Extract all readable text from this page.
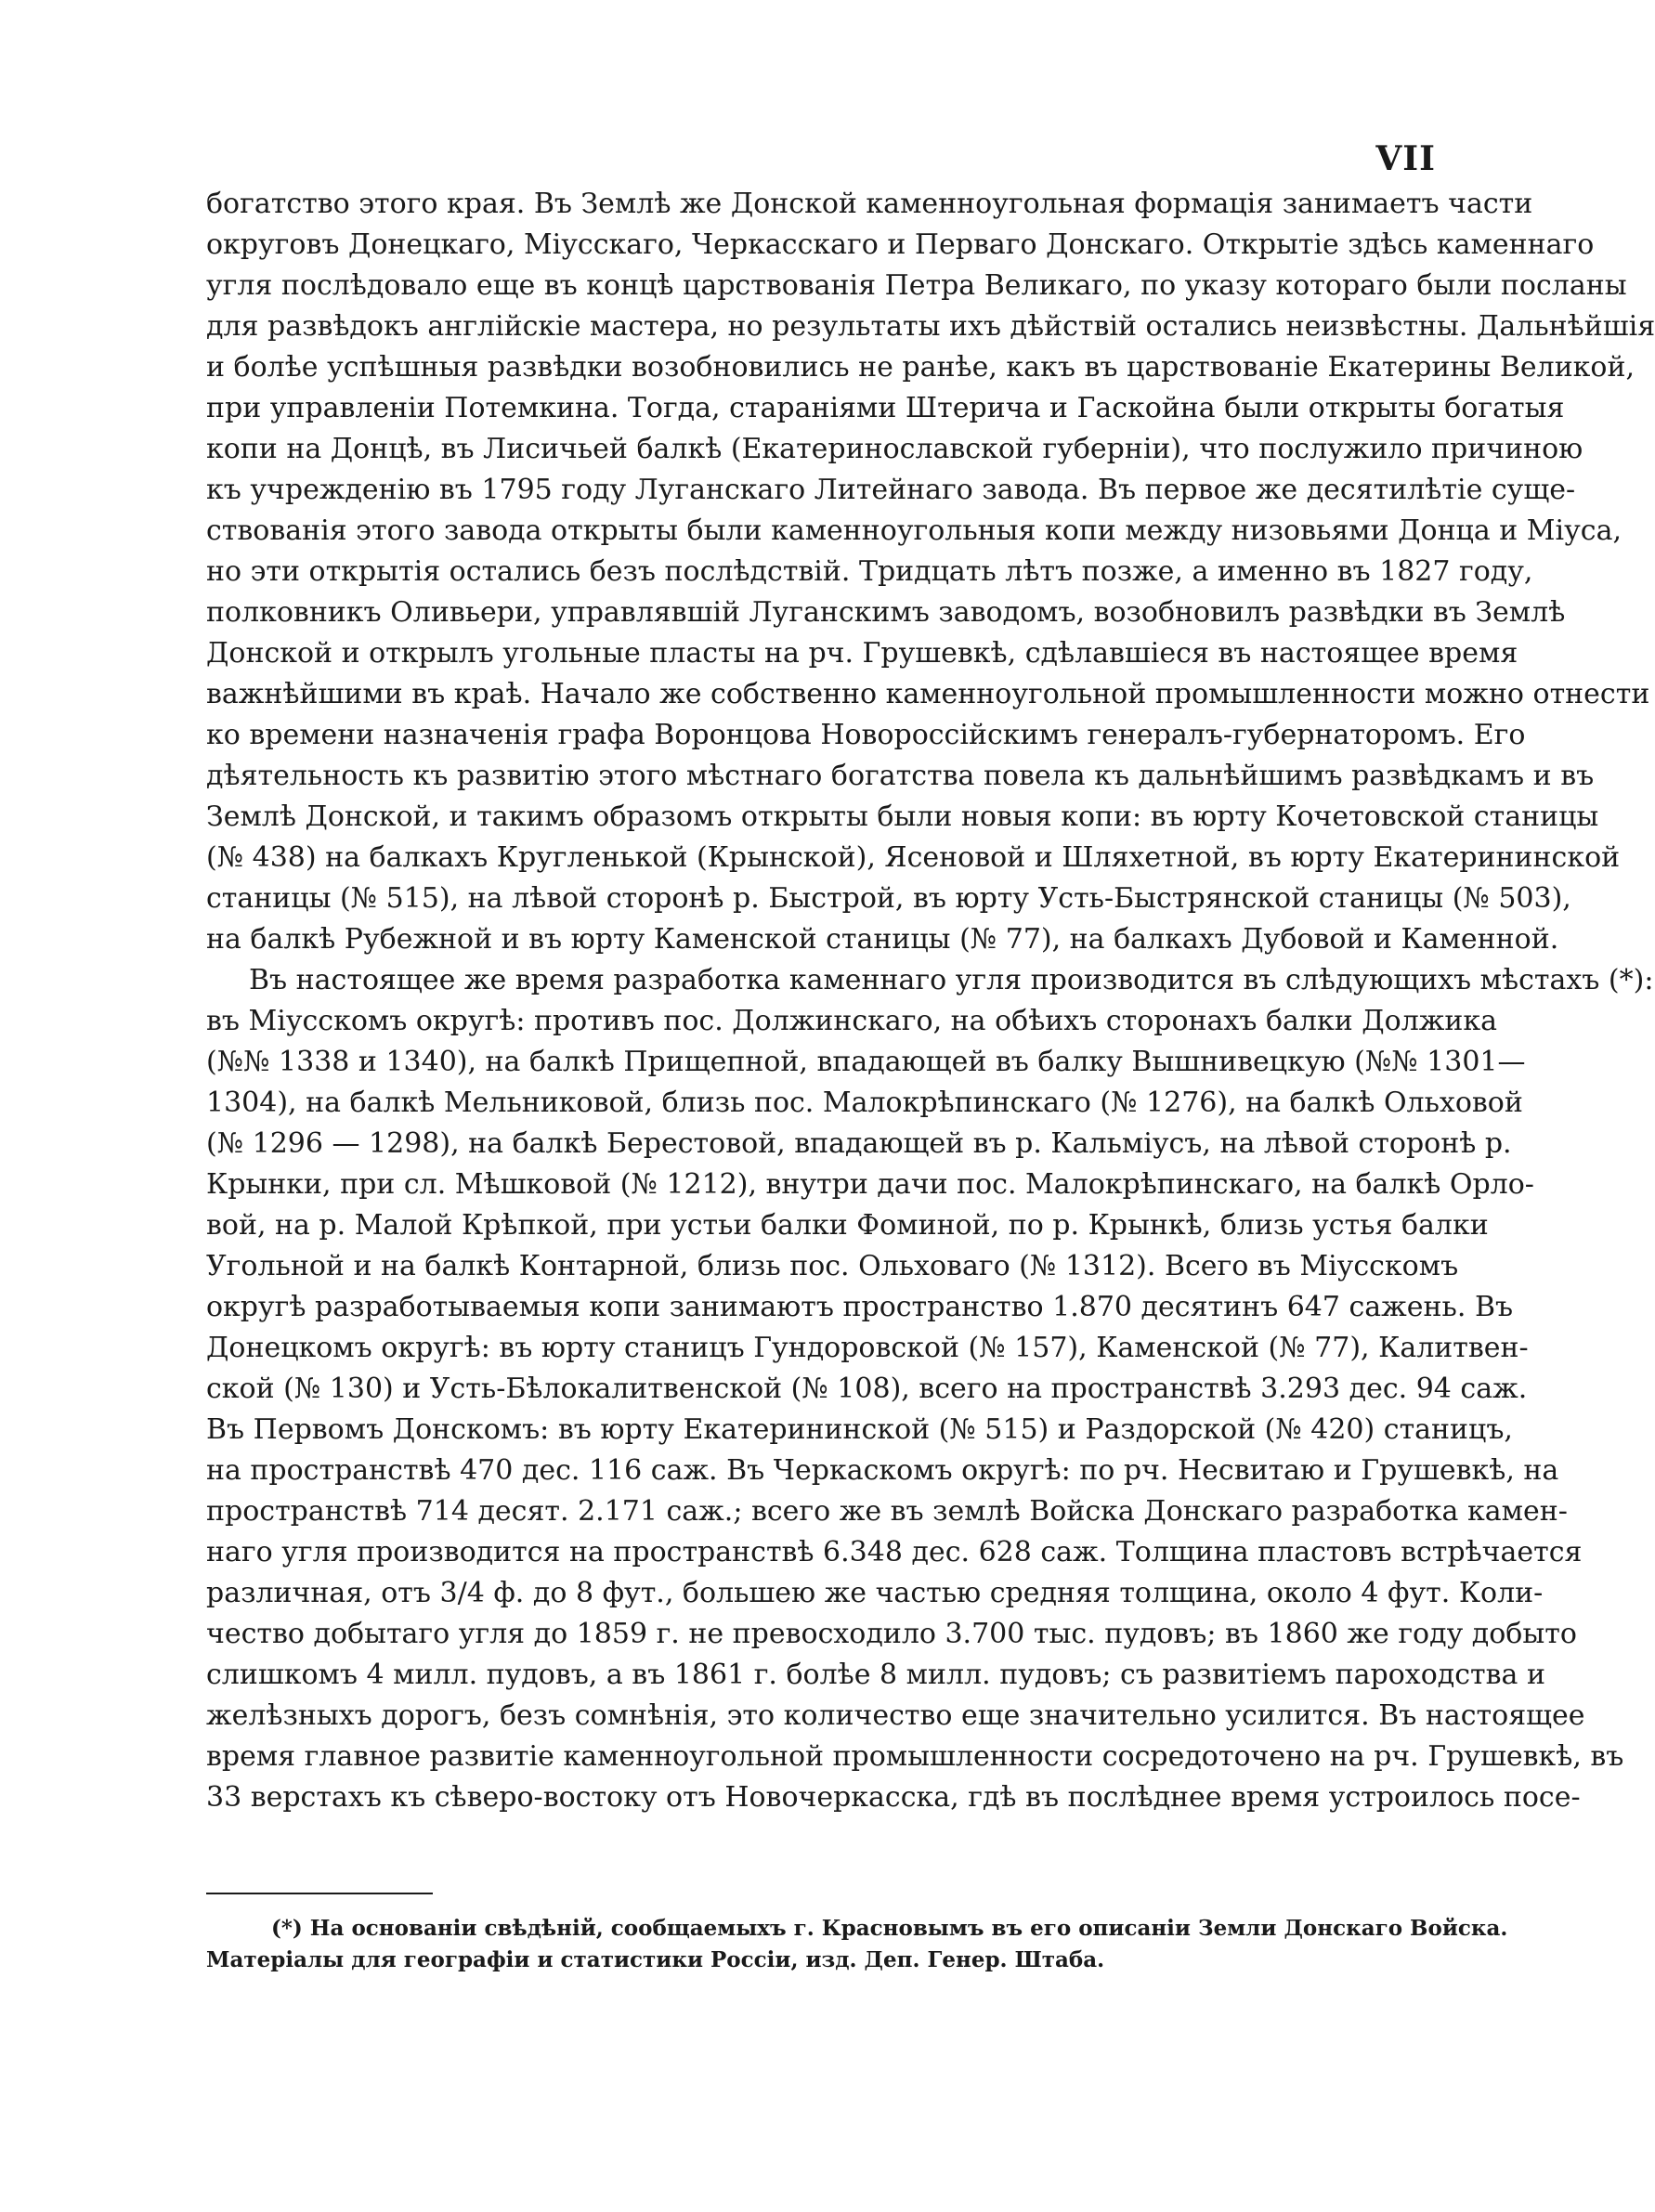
VII
богатство этого края. Въ Землѣ же Донской каменноугольная формація занимаетъ части
округовъ Донецкаго, Міусскаго, Черкасскаго и Перваго Донскаго. Открытіе здѣсь каменнаго
угля послѣдовало еще въ концѣ царствованія Петра Великаго, по указу котораго были посланы
для развѣдокъ англійскіе мастера, но результаты ихъ дѣйствій остались неизвѣстны. Дальнѣйшія
и болѣе успѣшныя развѣдки возобновились не ранѣе, какъ въ царствованіе Екатерины Великой,
при управленіи Потемкина. Тогда, стараніями Штерича и Гаскойна были открыты богатыя
копи на Донцѣ, въ Лисичьей балкѣ (Екатеринославской губерніи), что послужило причиною
къ учрежденію въ 1795 году Луганскаго Литейнаго завода. Въ первое же десятилѣтіе суще-
ствованія этого завода открыты были каменноугольныя копи между низовьями Донца и Міуса,
но эти открытія остались безъ послѣдствій. Тридцать лѣтъ позже, а именно въ 1827 году,
полковникъ Оливьери, управлявшій Луганскимъ заводомъ, возобновилъ развѣдки въ Землѣ
Донской и открылъ угольные пласты на рч. Грушевкѣ, сдѣлавшіеся въ настоящее время
важнѣйшими въ краѣ. Начало же собственно каменноугольной промышленности можно отнести
ко времени назначенія графа Воронцова Новороссійскимъ генералъ-губернаторомъ. Его
дѣятельность къ развитію этого мѣстнаго богатства повела къ дальнѣйшимъ развѣдкамъ и въ
Землѣ Донской, и такимъ образомъ открыты были новыя копи: въ юрту Кочетовской станицы
(№ 438) на балкахъ Кругленькой (Крынской), Ясеновой и Шляхетной, въ юрту Екатерининской
станицы (№ 515), на лѣвой сторонѣ р. Быстрой, въ юрту Усть-Быстрянской станицы (№ 503),
на балкѣ Рубежной и въ юрту Каменской станицы (№ 77), на балкахъ Дубовой и Каменной.
Въ настоящее же время разработка каменнаго угля производится въ слѣдующихъ мѣстахъ (*):
въ Міусскомъ округѣ: противъ пос. Должинскаго, на обѣихъ сторонахъ балки Должика
(№№ 1338 и 1340), на балкѣ Прищепной, впадающей въ балку Вышнивецкую (№№ 1301—
1304), на балкѣ Мельниковой, близь пос. Малокрѣпинскаго (№ 1276), на балкѣ Ольховой
(№ 1296 — 1298), на балкѣ Берестовой, впадающей въ р. Кальміусъ, на лѣвой сторонѣ р.
Крынки, при сл. Мѣшковой (№ 1212), внутри дачи пос. Малокрѣпинскаго, на балкѣ Орло-
вой, на р. Малой Крѣпкой, при устьи балки Фоминой, по р. Крынкѣ, близь устья балки
Угольной и на балкѣ Контарной, близь пос. Ольховаго (№ 1312). Всего въ Міусскомъ
округѣ разработываемыя копи занимаютъ пространство 1.870 десятинъ 647 сажень. Въ
Донецкомъ округѣ: въ юрту станицъ Гундоровской (№ 157), Каменской (№ 77), Калитвен-
ской (№ 130) и Усть-Бѣлокалитвенской (№ 108), всего на пространствѣ 3.293 дес. 94 саж.
Въ Первомъ Донскомъ: въ юрту Екатерининской (№ 515) и Раздорской (№ 420) станицъ,
на пространствѣ 470 дес. 116 саж. Въ Черкаскомъ округѣ: по рч. Несвитаю и Грушевкѣ, на
пространствѣ 714 десят. 2.171 саж.; всего же въ землѣ Войска Донскаго разработка камен-
наго угля производится на пространствѣ 6.348 дес. 628 саж. Толщина пластовъ встрѣчается
различная, отъ 3/4 ф. до 8 фут., большею же частью средняя толщина, около 4 фут. Коли-
чество добытаго угля до 1859 г. не превосходило 3.700 тыс. пудовъ; въ 1860 же году добыто
слишкомъ 4 милл. пудовъ, а въ 1861 г. болѣе 8 милл. пудовъ; съ развитіемъ пароходства и
желѣзныхъ дорогъ, безъ сомнѣнія, это количество еще значительно усилится. Въ настоящее
время главное развитіе каменноугольной промышленности сосредоточено на рч. Грушевкѣ, въ
33 верстахъ къ сѣверо-востоку отъ Новочеркасска, гдѣ въ послѣднее время устроилось посе-
(*) На основаніи свѣдѣній, сообщаемыхъ г. Красновымъ въ его описаніи Земли Донскаго Войска.
Матеріалы для географіи и статистики Россіи, изд. Деп. Генер. Штаба.
